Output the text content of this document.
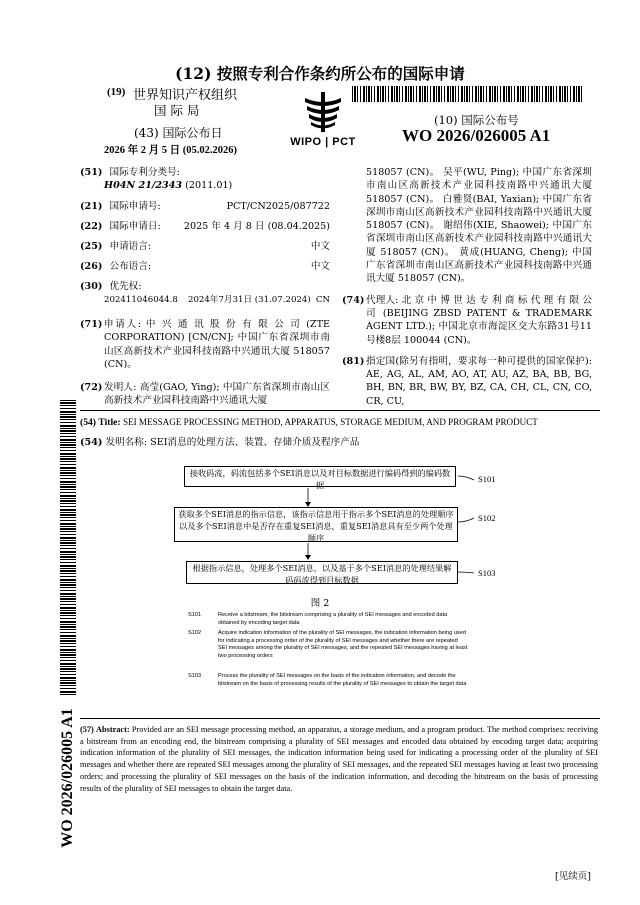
(12) 按照专利合作条约所公布的国际申请
(19) 世界知识产权组织
国 际 局
(43) 国际公布日
2026 年 2 月 5 日 (05.02.2026)
WIPO | PCT
(10) 国际公布号
WO 2026/026005 A1
(51) 国际专利分类号:
H04N 21/2343 (2011.01)
(21) 国际申请号:	PCT/CN2025/087722
(22) 国际申请日: 2025 年 4 月 8 日 (08.04.2025)
(25) 申请语言:	中文
(26) 公布语言:	中文
(30) 优先权:
202411046044.8 2024年7月31日 (31.07.2024) CN
(71) 申请人: 中 兴 通 讯 股 份 有 限 公 司 (ZTE CORPORATION) [CN/CN]; 中国广东省深圳市南山区高新技术产业园科技南路中兴通讯大厦 518057 (CN)。
(72) 发明人: 高莹(GAO, Ying); 中国广东省深圳市南山区高新技术产业园科技南路中兴通讯大厦
518057 (CN)。 吴平(WU, Ping); 中国广东省深圳市南山区高新技术产业园科技南路中兴通讯大厦 518057 (CN)。 白雅贤(BAI, Yaxian); 中国广东省深圳市南山区高新技术产业园科技南路中兴通讯大厦 518057 (CN)。 谢绍伟(XIE, Shaowei); 中国广东省深圳市南山区高新技术产业园科技南路中兴通讯大厦 518057 (CN)。 黄成(HUANG, Cheng); 中国广东省深圳市南山区高新技术产业园科技南路中兴通讯大厦 518057 (CN)。
(74) 代理人: 北 京 中 博 世 达 专 利 商 标 代 理 有 限 公 司 (BEIJING ZBSD PATENT & TRADEMARK AGENT LTD.); 中国北京市海淀区交大东路31号11号楼8层 100044 (CN)。
(81) 指定国(除另有指明，要求每一种可提供的国家保护): AE, AG, AL, AM, AO, AT, AU, AZ, BA, BB, BG, BH, BN, BR, BW, BY, BZ, CA, CH, CL, CN, CO, CR, CU,
WO 2026/026005 A1
(54) Title: SEI MESSAGE PROCESSING METHOD, APPARATUS, STORAGE MEDIUM, AND PROGRAM PRODUCT
(54) 发明名称: SEI消息的处理方法、装置、存储介质及程序产品
接收码流，码流包括多个SEI消息以及对目标数据进行编码得到的编码数据
S101
获取多个SEI消息的指示信息，该指示信息用于指示多个SEI消息的处理顺序以及多个SEI消息中是否存在重复SEI消息，重复SEI消息具有至少两个处理顺序
S102
根据指示信息，处理多个SEI消息，以及基于多个SEI消息的处理结果解码码流得到目标数据
S103
图 2
S101	Receive a bitstream, the bitstream comprising a plurality of SEI messages and encoded data obtained by encoding target data
S102	Acquire indication information of the plurality of SEI messages, the indication information being used for indicating a processing order of the plurality of SEI messages and whether there are repeated SEI messages among the plurality of SEI messages, and the repeated SEI messages having at least two processing orders
S103	Process the plurality of SEI messages on the basis of the indication information, and decode the bitstream on the basis of processing results of the plurality of SEI messages to obtain the target data
(57) Abstract: Provided are an SEI message processing method, an apparatus, a storage medium, and a program product. The method comprises: receiving a bitstream from an encoding end, the bitstream comprising a plurality of SEI messages and encoded data obtained by encoding target data; acquiring indication information of the plurality of SEI messages, the indication information being used for indicating a processing order of the plurality of SEI messages and whether there are repeated SEI messages among the plurality of SEI messages, and the repeated SEI messages having at least two processing orders; and processing the plurality of SEI messages on the basis of the indication information, and decoding the bitstream on the basis of processing results of the plurality of SEI messages to obtain the target data.
[见续页]
